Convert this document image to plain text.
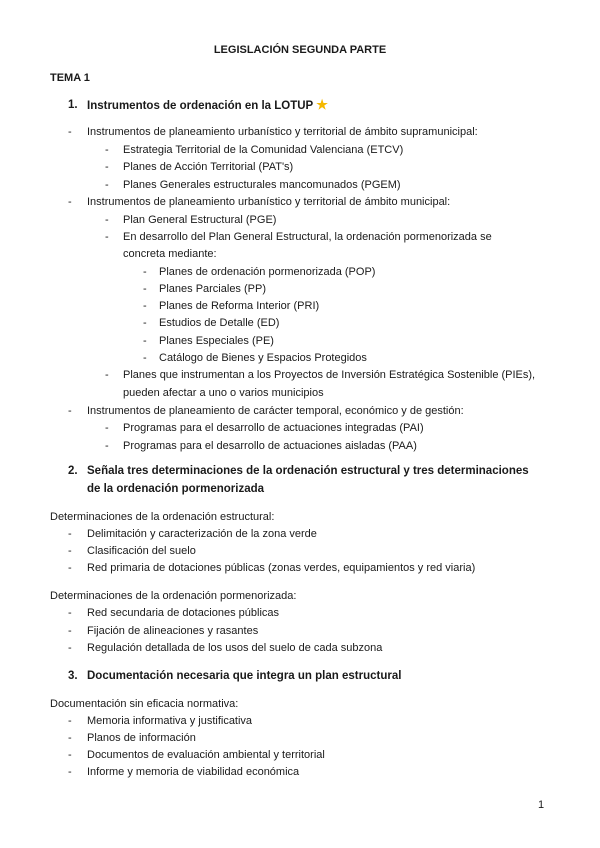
LEGISLACIÓN SEGUNDA PARTE
TEMA 1
1. Instrumentos de ordenación en la LOTUP ★
- Instrumentos de planeamiento urbanístico y territorial de ámbito supramunicipal:
- Estrategia Territorial de la Comunidad Valenciana (ETCV)
- Planes de Acción Territorial (PAT's)
- Planes Generales estructurales mancomunados (PGEM)
- Instrumentos de planeamiento urbanístico y territorial de ámbito municipal:
- Plan General Estructural (PGE)
- En desarrollo del Plan General Estructural, la ordenación pormenorizada se
concreta mediante:
- Planes de ordenación pormenorizada (POP)
- Planes Parciales (PP)
- Planes de Reforma Interior (PRI)
- Estudios de Detalle (ED)
- Planes Especiales (PE)
- Catálogo de Bienes y Espacios Protegidos
- Planes que instrumentan a los Proyectos de Inversión Estratégica Sostenible (PIEs),
pueden afectar a uno o varios municipios
- Instrumentos de planeamiento de carácter temporal, económico y de gestión:
- Programas para el desarrollo de actuaciones integradas (PAI)
- Programas para el desarrollo de actuaciones aisladas (PAA)
2. Señala tres determinaciones de la ordenación estructural y tres determinaciones
de la ordenación pormenorizada
Determinaciones de la ordenación estructural:
- Delimitación y caracterización de la zona verde
- Clasificación del suelo
- Red primaria de dotaciones públicas (zonas verdes, equipamientos y red viaria)
Determinaciones de la ordenación pormenorizada:
- Red secundaria de dotaciones públicas
- Fijación de alineaciones y rasantes
- Regulación detallada de los usos del suelo de cada subzona
3. Documentación necesaria que integra un plan estructural
Documentación sin eficacia normativa:
- Memoria informativa y justificativa
- Planos de información
- Documentos de evaluación ambiental y territorial
- Informe y memoria de viabilidad económica
1
